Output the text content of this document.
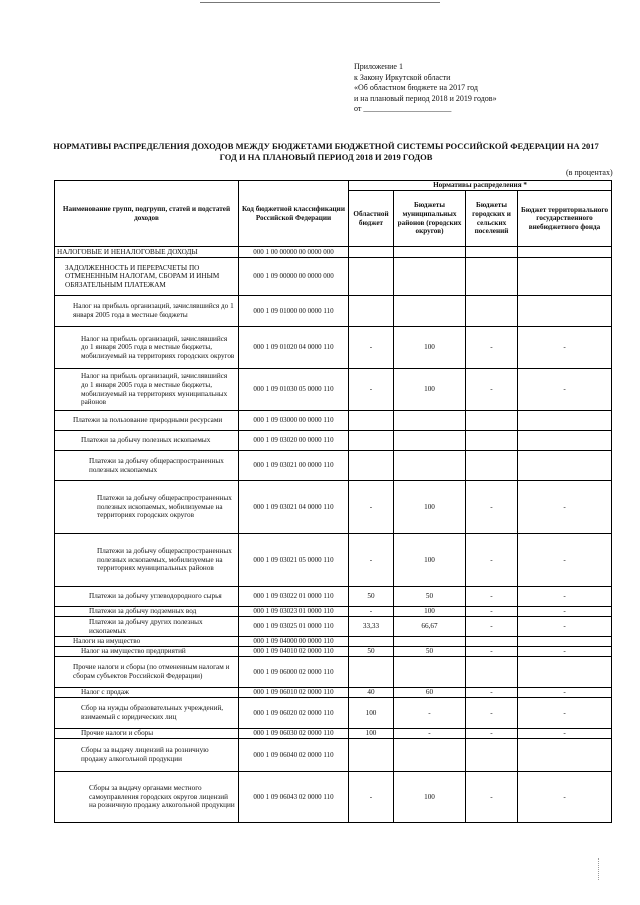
Приложение 1
к Закону Иркутской области
«Об областном бюджете на 2017 год
и на плановый период 2018 и 2019 годов»
от ______________________
НОРМАТИВЫ РАСПРЕДЕЛЕНИЯ ДОХОДОВ МЕЖДУ БЮДЖЕТАМИ БЮДЖЕТНОЙ СИСТЕМЫ РОССИЙСКОЙ ФЕДЕРАЦИИ НА 2017 ГОД И НА ПЛАНОВЫЙ ПЕРИОД 2018 И 2019 ГОДОВ
(в процентах)
Наименование групп, подгрупп, статей и подстатей доходов	Код бюджетной классификации Российской Федерации	Нормативы распределения *			
		Областной бюджет	Бюджеты муниципальных районов (городских округов)	Бюджеты городских и сельских поселений	Бюджет территориального государственного внебюджетного фонда
НАЛОГОВЫЕ И НЕНАЛОГОВЫЕ ДОХОДЫ	000 1 00 00000 00 0000 000				
ЗАДОЛЖЕННОСТЬ И ПЕРЕРАСЧЕТЫ ПО ОТМЕНЕННЫМ НАЛОГАМ, СБОРАМ И ИНЫМ ОБЯЗАТЕЛЬНЫМ ПЛАТЕЖАМ	000 1 09 00000 00 0000 000				
Налог на прибыль организаций, зачислявшийся до 1 января 2005 года в местные бюджеты	000 1 09 01000 00 0000 110				
Налог на прибыль организаций, зачислявшийся до 1 января 2005 года в местные бюджеты, мобилизуемый на территориях городских округов	000 1 09 01020 04 0000 110	-	100	-	-
Налог на прибыль организаций, зачислявшийся до 1 января 2005 года в местные бюджеты, мобилизуемый на территориях муниципальных районов	000 1 09 01030 05 0000 110	-	100	-	-
Платежи за пользование природными ресурсами	000 1 09 03000 00 0000 110				
Платежи за добычу полезных ископаемых	000 1 09 03020 00 0000 110				
Платежи за добычу общераспространенных полезных ископаемых	000 1 09 03021 00 0000 110				
Платежи за добычу общераспространенных полезных ископаемых, мобилизуемые на территориях городских округов	000 1 09 03021 04 0000 110	-	100	-	-
Платежи за добычу общераспространенных полезных ископаемых, мобилизуемые на территориях муниципальных районов	000 1 09 03021 05 0000 110	-	100	-	-
Платежи за добычу углеводородного сырья	000 1 09 03022 01 0000 110	50	50	-	-
Платежи за добычу подземных вод	000 1 09 03023 01 0000 110	-	100	-	-
Платежи за добычу других полезных ископаемых	000 1 09 03025 01 0000 110	33,33	66,67	-	-
Налоги на имущество	000 1 09 04000 00 0000 110				
Налог на имущество предприятий	000 1 09 04010 02 0000 110	50	50	-	-
Прочие налоги и сборы (по отмененным налогам и сборам субъектов Российской Федерации)	000 1 09 06000 02 0000 110				
Налог с продаж	000 1 09 06010 02 0000 110	40	60	-	-
Сбор на нужды образовательных учреждений, взимаемый с юридических лиц	000 1 09 06020 02 0000 110	100	-	-	-
Прочие налоги и сборы	000 1 09 06030 02 0000 110	100	-	-	-
Сборы за выдачу лицензий на розничную продажу алкогольной продукции	000 1 09 06040 02 0000 110				
Сборы за выдачу органами местного самоуправления городских округов лицензий на розничную продажу алкогольной продукции	000 1 09 06043 02 0000 110	-	100	-	-
